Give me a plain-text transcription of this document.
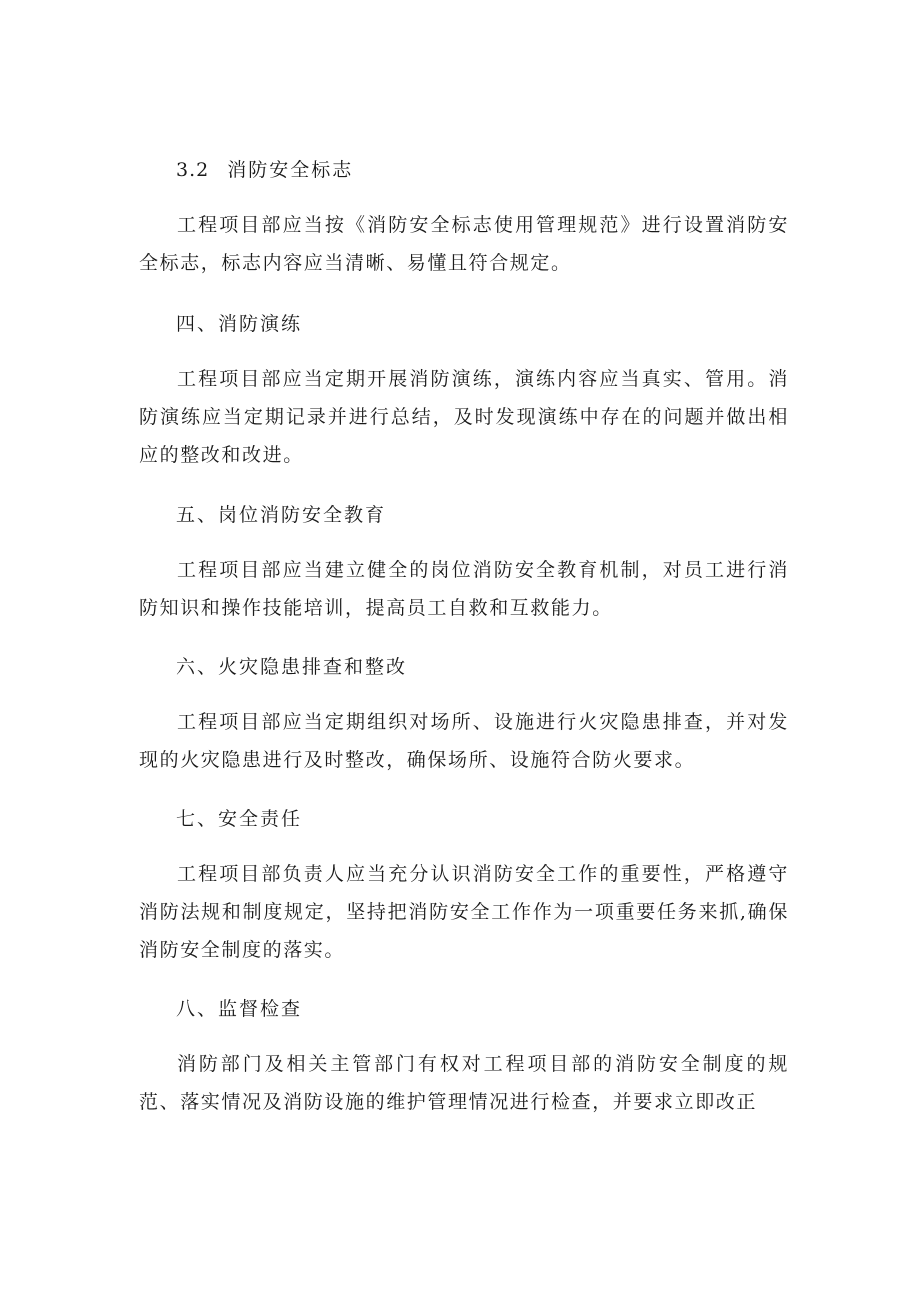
3.2 消防安全标志

工程项目部应当按《消防安全标志使用管理规范》进行设置消防安全标志，标志内容应当清晰、易懂且符合规定。

四、消防演练

工程项目部应当定期开展消防演练，演练内容应当真实、管用。消防演练应当定期记录并进行总结，及时发现演练中存在的问题并做出相应的整改和改进。

五、岗位消防安全教育

工程项目部应当建立健全的岗位消防安全教育机制，对员工进行消防知识和操作技能培训，提高员工自救和互救能力。

六、火灾隐患排查和整改

工程项目部应当定期组织对场所、设施进行火灾隐患排查，并对发现的火灾隐患进行及时整改，确保场所、设施符合防火要求。

七、安全责任

工程项目部负责人应当充分认识消防安全工作的重要性，严格遵守消防法规和制度规定，坚持把消防安全工作作为一项重要任务来抓,确保消防安全制度的落实。

八、监督检查

消防部门及相关主管部门有权对工程项目部的消防安全制度的规范、落实情况及消防设施的维护管理情况进行检查，并要求立即改正
